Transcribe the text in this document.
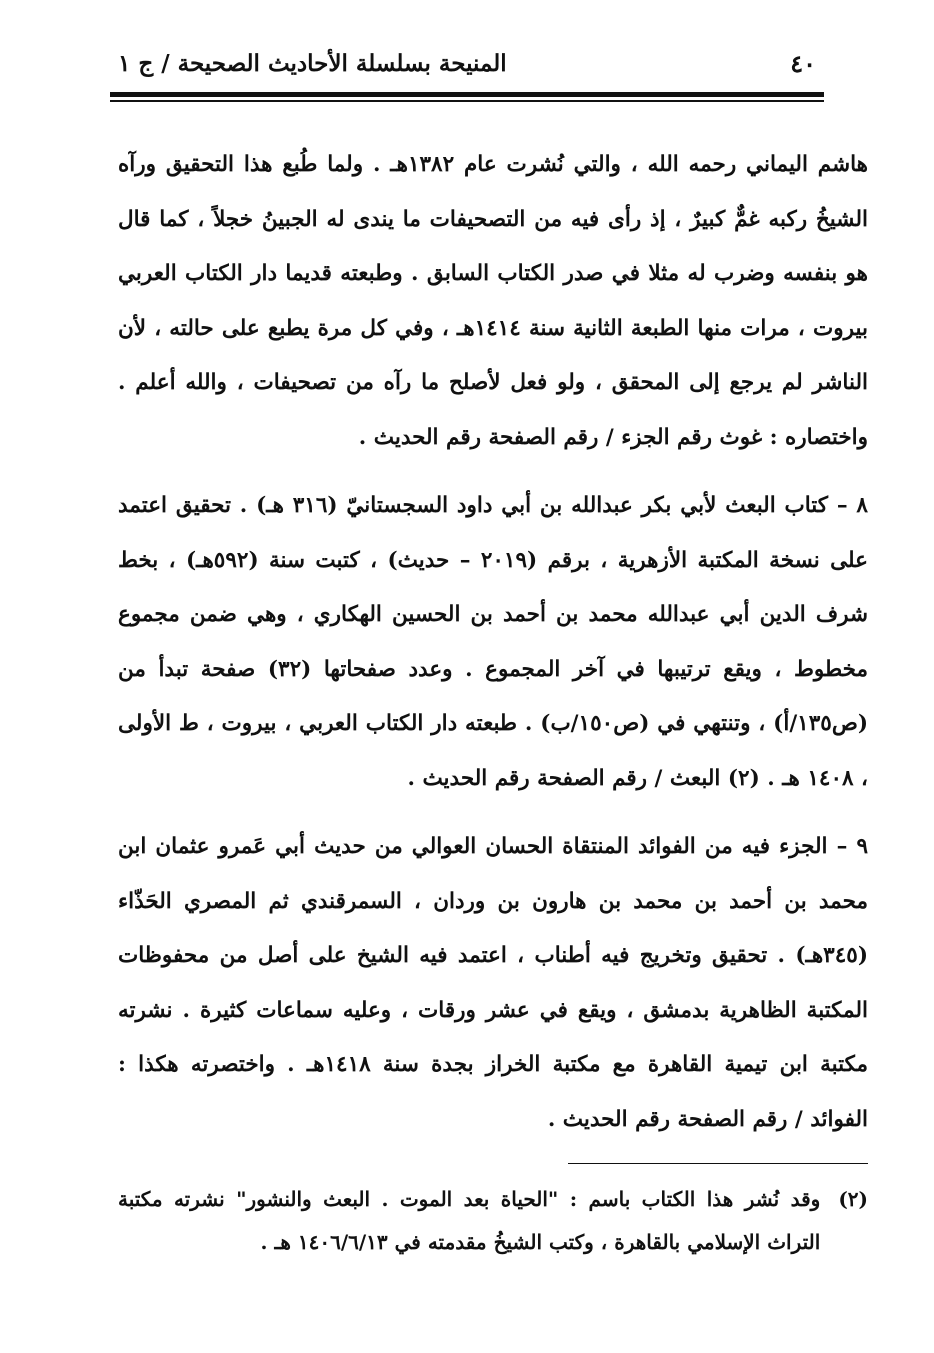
٤٠
المنيحة بسلسلة الأحاديث الصحيحة / ج ١

هاشم اليماني رحمه الله ، والتي نُشرت عام ١٣٨٢هـ . ولما طُبع هذا التحقيق ورآه الشيخُ ركبه غمٌّ كبيرٌ ، إذ رأى فيه من التصحيفات ما يندى له الجبينُ خجلاً ، كما قال هو بنفسه وضرب له مثلا في صدر الكتاب السابق . وطبعته قديما دار الكتاب العربي بيروت ، مرات منها الطبعة الثانية سنة ١٤١٤هـ ، وفي كل مرة يطبع على حالته ، لأن الناشر لم يرجع إلى المحقق ، ولو فعل لأصلح ما رآه من تصحيفات ، والله أعلم . واختصاره : غوث رقم الجزء / رقم الصفحة رقم الحديث .

٨ – كتاب البعث لأبي بكر عبدالله بن أبي داود السجستانيّ (٣١٦ هـ) . تحقيق اعتمد على نسخة المكتبة الأزهرية ، برقم (٢٠١٩ – حديث) ، كتبت سنة (٥٩٢هـ) ، بخط شرف الدين أبي عبدالله محمد بن أحمد بن الحسين الهكاري ، وهي ضمن مجموع مخطوط ، ويقع ترتيبها في آخر المجموع . وعدد صفحاتها (٣٢) صفحة تبدأ من (ص١٣٥/أ) ، وتنتهي في (ص١٥٠/ب) . طبعته دار الكتاب العربي ، بيروت ، ط الأولى ، ١٤٠٨ هـ . (٢) البعث / رقم الصفحة رقم الحديث .

٩ – الجزء فيه من الفوائد المنتقاة الحسان العوالي من حديث أبي عَمرو عثمان ابن محمد بن أحمد بن محمد بن هارون بن وردان ، السمرقندي ثم المصري الحَذّاء (٣٤٥هـ) . تحقيق وتخريج فيه أطناب ، اعتمد فيه الشيخ على أصل من محفوظات المكتبة الظاهرية بدمشق ، ويقع في عشر ورقات ، وعليه سماعات كثيرة . نشرته مكتبة ابن تيمية القاهرة مع مكتبة الخراز بجدة سنة ١٤١٨هـ . واختصرته هكذا : الفوائد / رقم الصفحة رقم الحديث .

(٢)
وقد نُشر هذا الكتاب باسم : "الحياة بعد الموت . البعث والنشور" نشرته مكتبة التراث الإسلامي بالقاهرة ، وكتب الشيخُ مقدمته في ١٤٠٦/٦/١٣ هـ .
